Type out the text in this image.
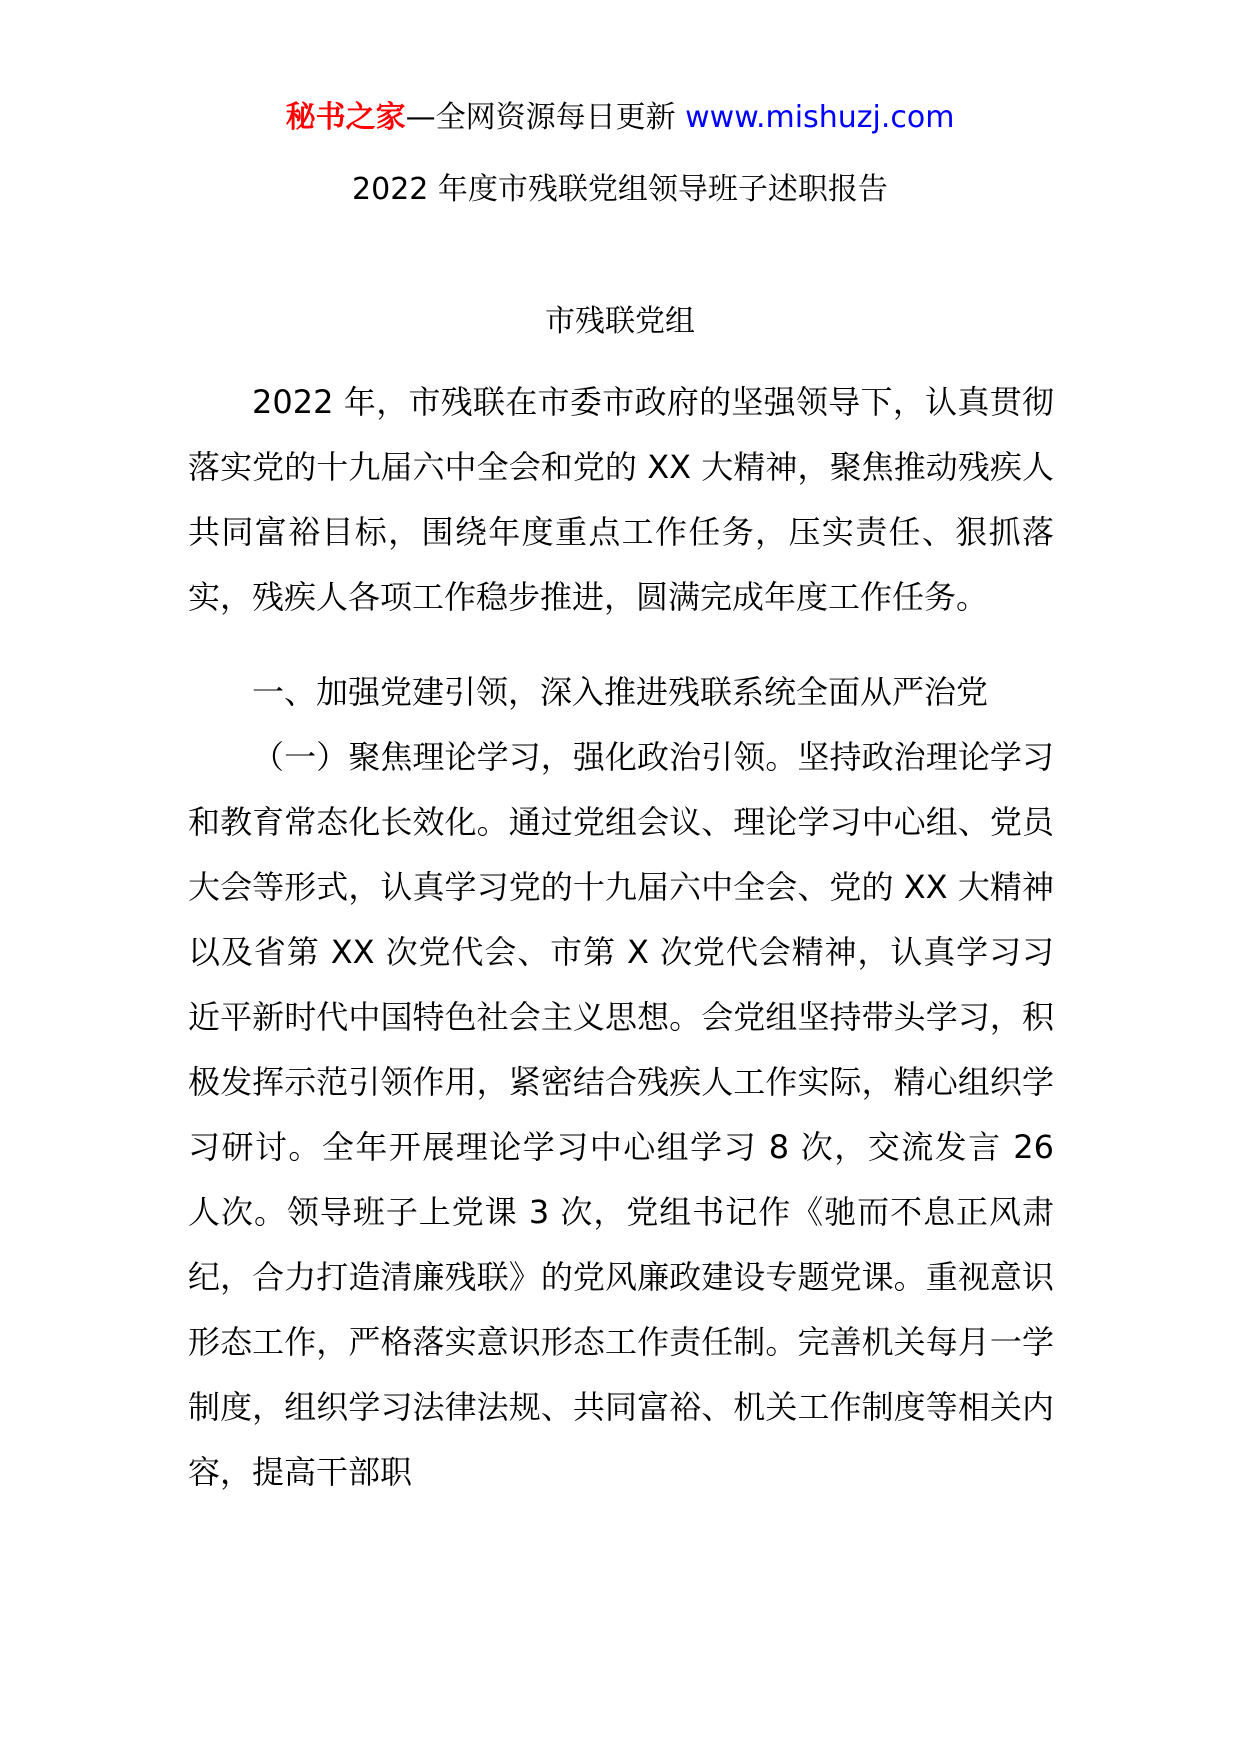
秘书之家—全网资源每日更新 www.mishuzj.com
2022 年度市残联党组领导班子述职报告
市残联党组

2022 年，市残联在市委市政府的坚强领导下，认真贯彻落实党的十九届六中全会和党的 XX 大精神，聚焦推动残疾人共同富裕目标，围绕年度重点工作任务，压实责任、狠抓落实，残疾人各项工作稳步推进，圆满完成年度工作任务。

一、加强党建引领，深入推进残联系统全面从严治党

（一）聚焦理论学习，强化政治引领。坚持政治理论学习和教育常态化长效化。通过党组会议、理论学习中心组、党员大会等形式，认真学习党的十九届六中全会、党的 XX 大精神以及省第 XX 次党代会、市第 X 次党代会精神，认真学习习近平新时代中国特色社会主义思想。会党组坚持带头学习，积极发挥示范引领作用，紧密结合残疾人工作实际，精心组织学习研讨。全年开展理论学习中心组学习 8 次，交流发言 26 人次。领导班子上党课 3 次，党组书记作《驰而不息正风肃纪，合力打造清廉残联》的党风廉政建设专题党课。重视意识形态工作，严格落实意识形态工作责任制。完善机关每月一学制度，组织学习法律法规、共同富裕、机关工作制度等相关内容，提高干部职
